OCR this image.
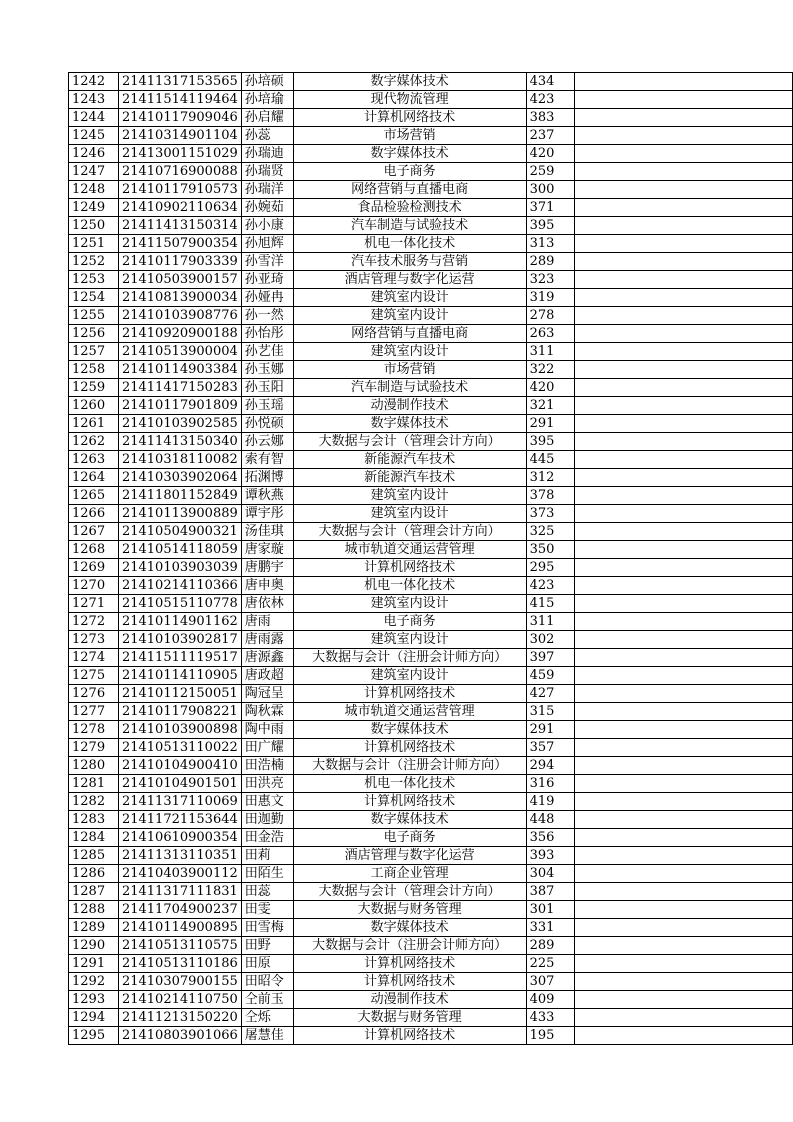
1242	21411317153565	孙培硕	数字媒体技术	434	
1243	21411514119464	孙培瑜	现代物流管理	423	
1244	21410117909046	孙启耀	计算机网络技术	383	
1245	21410314901104	孙蕊	市场营销	237	
1246	21413001151029	孙瑞迪	数字媒体技术	420	
1247	21410716900088	孙瑞贤	电子商务	259	
1248	21410117910573	孙瑞洋	网络营销与直播电商	300	
1249	21410902110634	孙婉茹	食品检验检测技术	371	
1250	21411413150314	孙小康	汽车制造与试验技术	395	
1251	21411507900354	孙旭辉	机电一体化技术	313	
1252	21410117903339	孙雪洋	汽车技术服务与营销	289	
1253	21410503900157	孙亚琦	酒店管理与数字化运营	323	
1254	21410813900034	孙娅冉	建筑室内设计	319	
1255	21410103908776	孙一然	建筑室内设计	278	
1256	21410920900188	孙怡彤	网络营销与直播电商	263	
1257	21410513900004	孙艺佳	建筑室内设计	311	
1258	21410114903384	孙玉娜	市场营销	322	
1259	21411417150283	孙玉阳	汽车制造与试验技术	420	
1260	21410117901809	孙玉瑶	动漫制作技术	321	
1261	21410103902585	孙悦硕	数字媒体技术	291	
1262	21411413150340	孙云娜	大数据与会计（管理会计方向）	395	
1263	21410318110082	索有智	新能源汽车技术	445	
1264	21410303902064	拓渊博	新能源汽车技术	312	
1265	21411801152849	谭秋燕	建筑室内设计	378	
1266	21410113900889	谭宇彤	建筑室内设计	373	
1267	21410504900321	汤佳琪	大数据与会计（管理会计方向）	325	
1268	21410514118059	唐家璇	城市轨道交通运营管理	350	
1269	21410103903039	唐鹏宇	计算机网络技术	295	
1270	21410214110366	唐申奥	机电一体化技术	423	
1271	21410515110778	唐依林	建筑室内设计	415	
1272	21410114901162	唐雨	电子商务	311	
1273	21410103902817	唐雨露	建筑室内设计	302	
1274	21411511119517	唐源鑫	大数据与会计（注册会计师方向）	397	
1275	21410114110905	唐政超	建筑室内设计	459	
1276	21410112150051	陶冠呈	计算机网络技术	427	
1277	21410117908221	陶秋霖	城市轨道交通运营管理	315	
1278	21410103900898	陶中雨	数字媒体技术	291	
1279	21410513110022	田广耀	计算机网络技术	357	
1280	21410104900410	田浩楠	大数据与会计（注册会计师方向）	294	
1281	21410104901501	田洪亮	机电一体化技术	316	
1282	21411317110069	田惠文	计算机网络技术	419	
1283	21411721153644	田迦勤	数字媒体技术	448	
1284	21410610900354	田金浩	电子商务	356	
1285	21411313110351	田莉	酒店管理与数字化运营	393	
1286	21410403900112	田陌生	工商企业管理	304	
1287	21411317111831	田蕊	大数据与会计（管理会计方向）	387	
1288	21411704900237	田雯	大数据与财务管理	301	
1289	21410114900895	田雪梅	数字媒体技术	331	
1290	21410513110575	田野	大数据与会计（注册会计师方向）	289	
1291	21410513110186	田原	计算机网络技术	225	
1292	21410307900155	田昭令	计算机网络技术	307	
1293	21410214110750	仝前玉	动漫制作技术	409	
1294	21411213150220	仝烁	大数据与财务管理	433	
1295	21410803901066	屠慧佳	计算机网络技术	195	
